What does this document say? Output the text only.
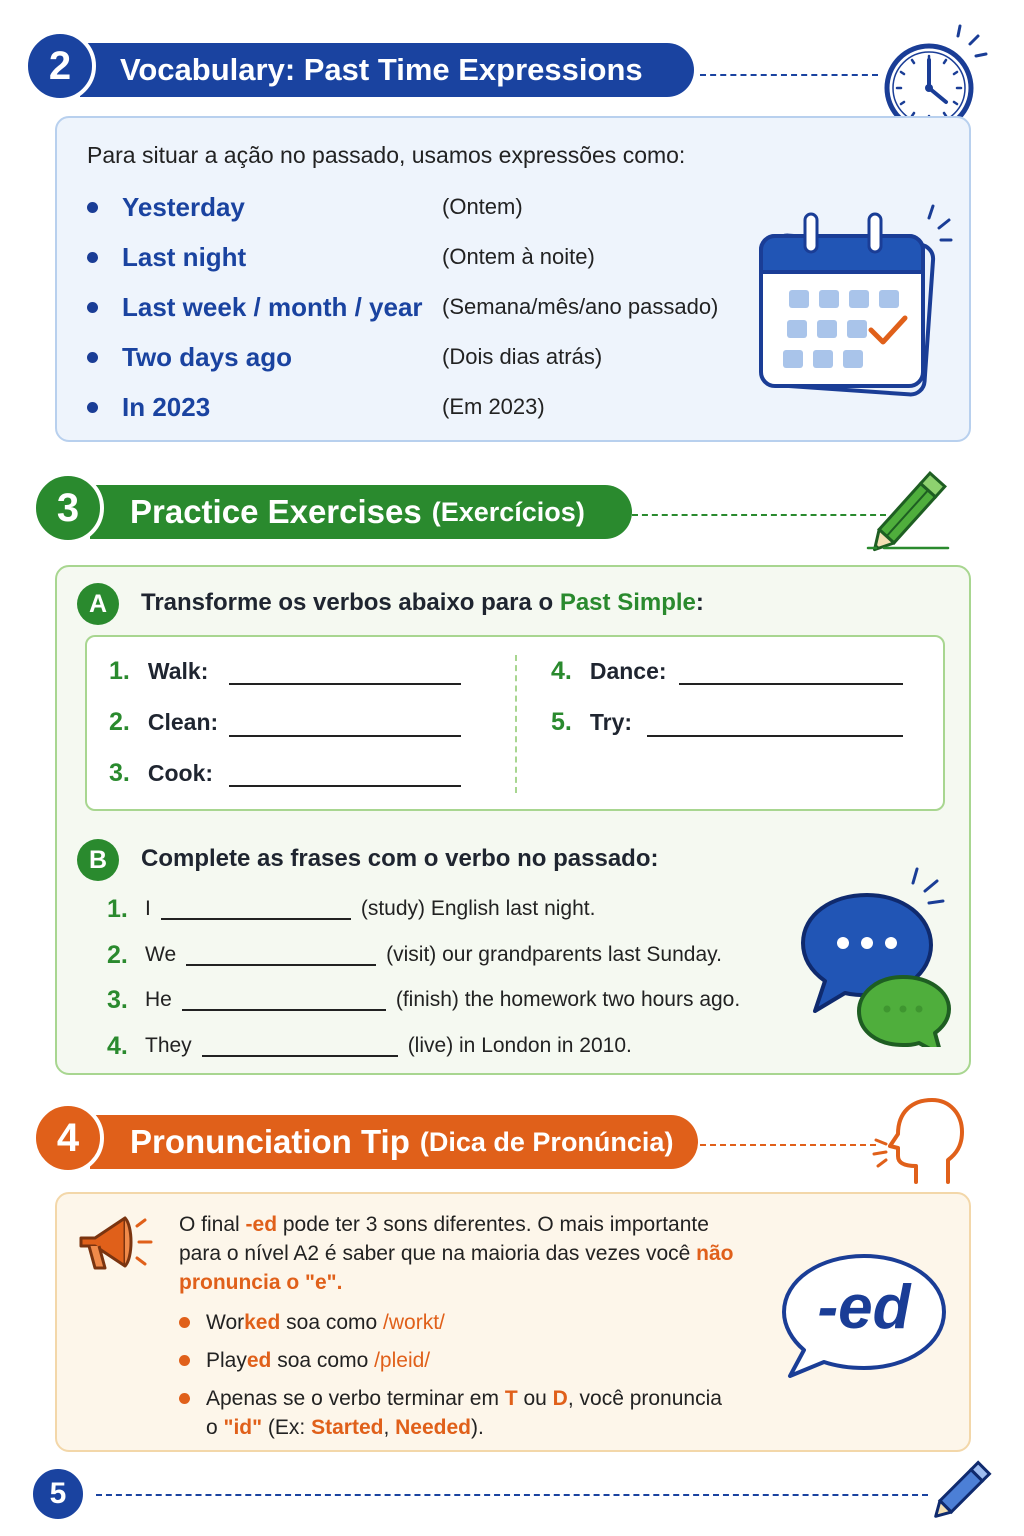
2	Vocabulary: Past Time Expressions
Para situar a ação no passado, usamos expressões como:
Yesterday	(Ontem)
Last night	(Ontem à noite)
Last week / month / year (Semana/mês/ano passado)
Two days ago	(Dois dias atrás)
In 2023	(Em 2023)
3	Practice Exercises (Exercícios)
A	Transforme os verbos abaixo para o Past Simple:
1. Walk:
2. Clean:
3. Cook:
4. Dance:
5. Try:
B	Complete as frases com o verbo no passado:
1. I	(study) English last night.
2. We	(visit) our grandparents last Sunday.
3. He	(finish) the homework two hours ago.
4. They	(live) in London in 2010.
4	Pronunciation Tip (Dica de Pronúncia)
O final -ed pode ter 3 sons diferentes. O mais importante
para o nível A2 é saber que na maioria das vezes você não
pronuncia o "e".
Worked soa como /workt/
Played soa como /pleid/
Apenas se o verbo terminar em T ou D, você pronuncia
o "id" (Ex: Started, Needed).
-ed
5
